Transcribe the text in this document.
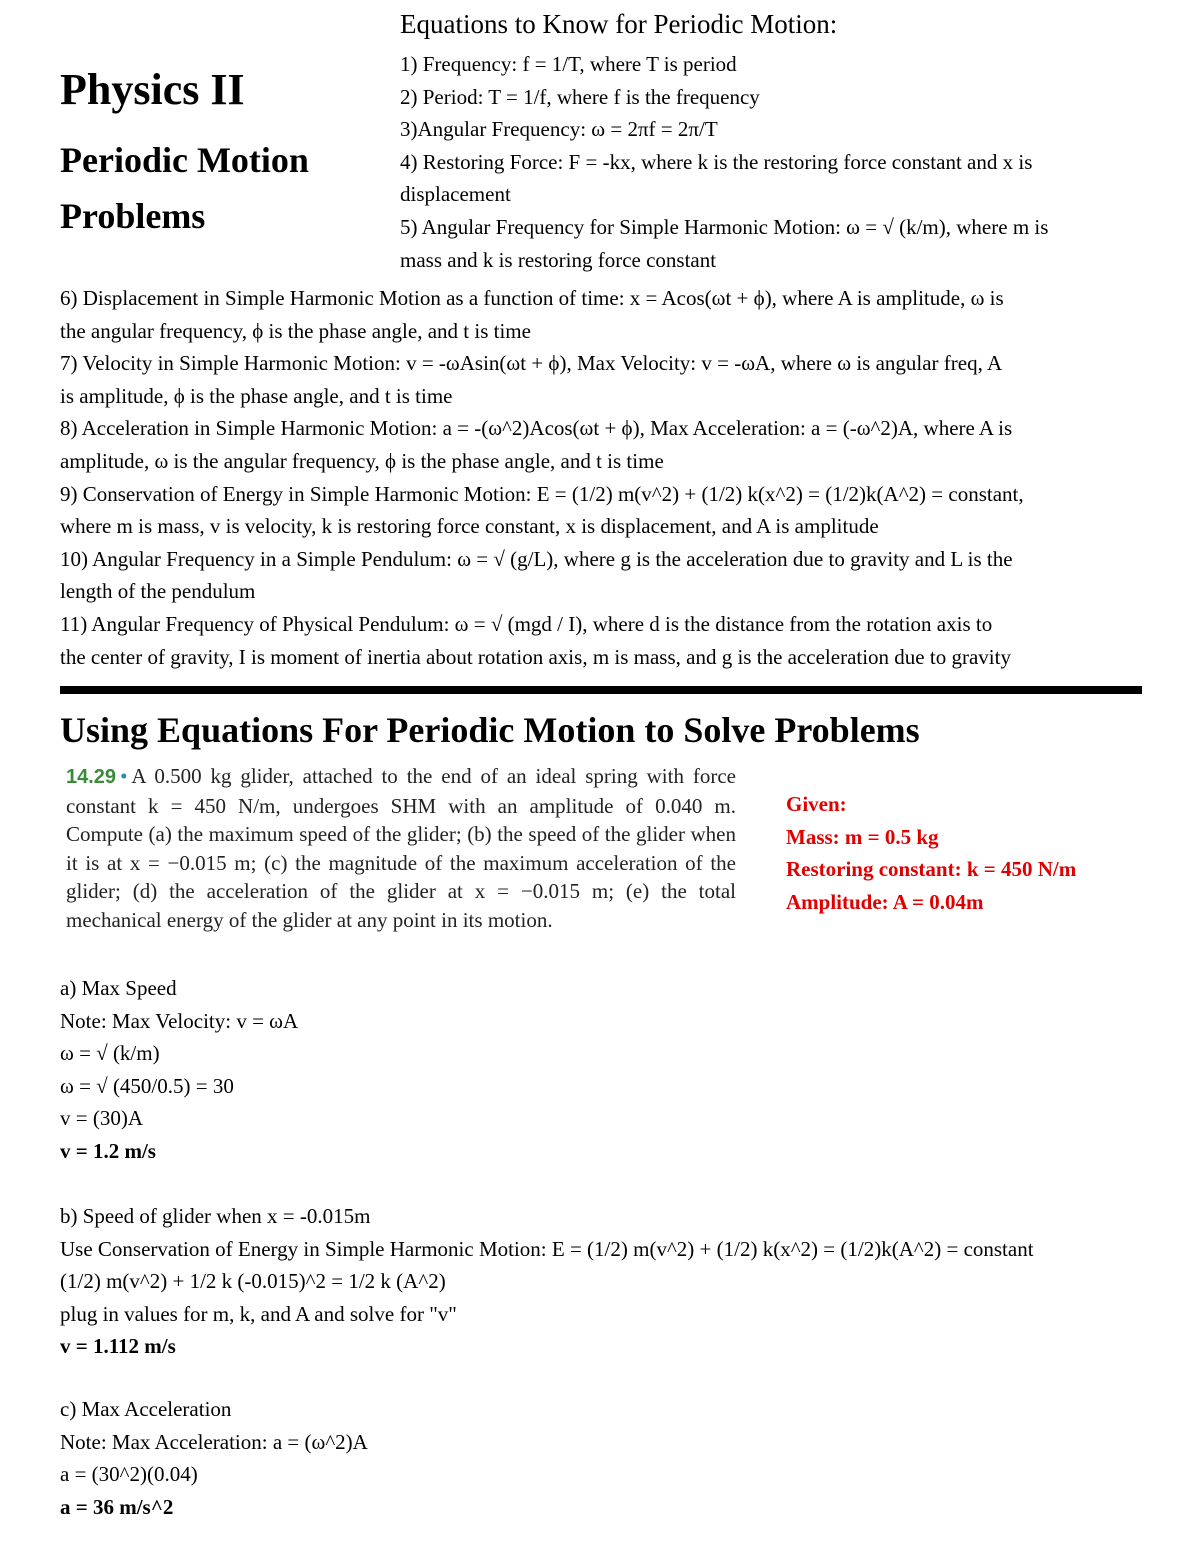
Physics II
Periodic Motion
Problems
Equations to Know for Periodic Motion:
1) Frequency: f = 1/T, where T is period
2) Period: T = 1/f, where f is the frequency
3)Angular Frequency: ω = 2πf = 2π/T
4) Restoring Force: F = -kx, where k is the restoring force constant and x is
displacement
5) Angular Frequency for Simple Harmonic Motion: ω = √ (k/m), where m is
mass and k is restoring force constant
6) Displacement in Simple Harmonic Motion as a function of time: x = Acos(ωt + ϕ), where A is amplitude, ω is
the angular frequency, ϕ is the phase angle, and t is time
7) Velocity in Simple Harmonic Motion: v = -ωAsin(ωt + ϕ), Max Velocity: v = -ωA, where ω is angular freq, A
is amplitude, ϕ is the phase angle, and t is time
8) Acceleration in Simple Harmonic Motion: a = -(ω^2)Acos(ωt + ϕ), Max Acceleration: a = (-ω^2)A, where A is
amplitude, ω is the angular frequency, ϕ is the phase angle, and t is time
9) Conservation of Energy in Simple Harmonic Motion: E = (1/2) m(v^2) + (1/2) k(x^2) = (1/2)k(A^2) = constant,
where m is mass, v is velocity, k is restoring force constant, x is displacement, and A is amplitude
10) Angular Frequency in a Simple Pendulum: ω = √ (g/L), where g is the acceleration due to gravity and L is the
length of the pendulum
11) Angular Frequency of Physical Pendulum: ω = √ (mgd / I), where d is the distance from the rotation axis to
the center of gravity, I is moment of inertia about rotation axis, m is mass, and g is the acceleration due to gravity
Using Equations For Periodic Motion to Solve Problems
14.29 • A 0.500 kg glider, attached to the end of an ideal spring with force constant k = 450 N/m, undergoes SHM with an amplitude of 0.040 m. Compute (a) the maximum speed of the glider; (b) the speed of the glider when it is at x = −0.015 m; (c) the magnitude of the maximum acceleration of the glider; (d) the acceleration of the glider at x = −0.015 m; (e) the total mechanical energy of the glider at any point in its motion.
Given:
Mass: m = 0.5 kg
Restoring constant: k = 450 N/m
Amplitude: A = 0.04m
a) Max Speed
Note: Max Velocity: v = ωA
ω = √ (k/m)
ω = √ (450/0.5) = 30
v = (30)A
v = 1.2 m/s
b) Speed of glider when x = -0.015m
Use Conservation of Energy in Simple Harmonic Motion: E = (1/2) m(v^2) + (1/2) k(x^2) = (1/2)k(A^2) = constant
(1/2) m(v^2) + 1/2 k (-0.015)^2 = 1/2 k (A^2)
plug in values for m, k, and A and solve for "v"
v = 1.112 m/s
c) Max Acceleration
Note: Max Acceleration: a = (ω^2)A
a = (30^2)(0.04)
a = 36 m/s^2
